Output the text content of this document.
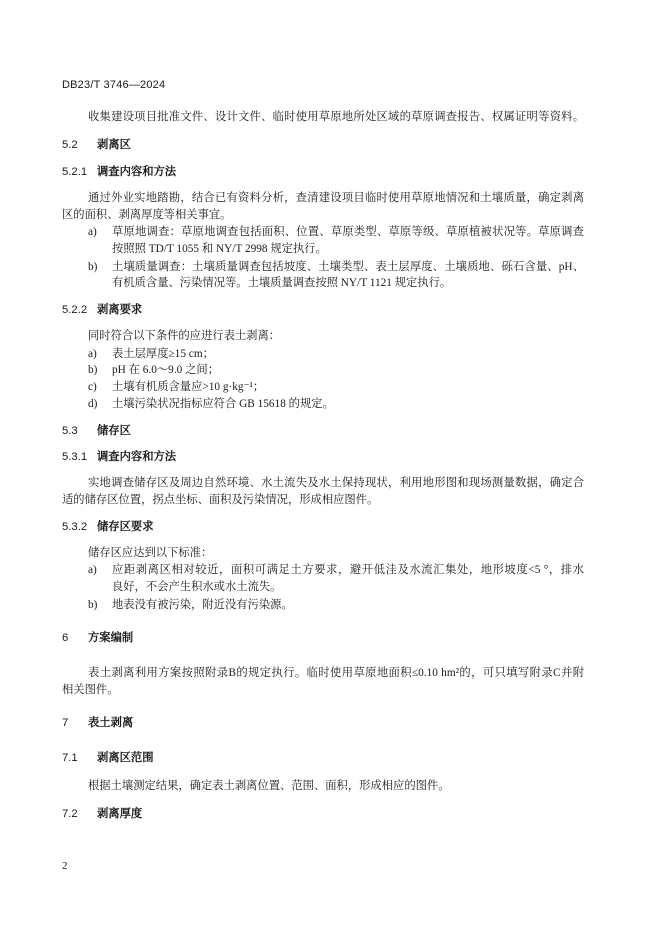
DB23/T 3746—2024
收集建设项目批准文件、设计文件、临时使用草原地所处区域的草原调查报告、权属证明等资料。
5.2 剥离区
5.2.1 调查内容和方法
通过外业实地踏勘，结合已有资料分析，查清建设项目临时使用草原地情况和土壤质量，确定剥离
区的面积、剥离厚度等相关事宜。
a) 草原地调查：草原地调查包括面积、位置、草原类型、草原等级、草原植被状况等。草原调查
按照照 TD/T 1055 和 NY/T 2998 规定执行。
b) 土壤质量调查：土壤质量调查包括坡度、土壤类型、表土层厚度、土壤质地、砾石含量、pH、
有机质含量、污染情况等。土壤质量调查按照 NY/T 1121 规定执行。
5.2.2 剥离要求
同时符合以下条件的应进行表土剥离：
a) 表土层厚度≥15 cm；
b) pH 在 6.0～9.0 之间；
c) 土壤有机质含量应>10 g·kg⁻¹；
d) 土壤污染状况指标应符合 GB 15618 的规定。
5.3 储存区
5.3.1 调查内容和方法
实地调查储存区及周边自然环境、水土流失及水土保持现状，利用地形图和现场测量数据，确定合
适的储存区位置，拐点坐标、面积及污染情况，形成相应图件。
5.3.2 储存区要求
储存区应达到以下标准：
a) 应距剥离区相对较近，面积可满足土方要求，避开低洼及水流汇集处，地形坡度<5 °，排水
良好，不会产生积水或水土流失。
b) 地表没有被污染，附近没有污染源。
6 方案编制
表土剥离利用方案按照附录B的规定执行。临时使用草原地面积≤0.10 hm²的，可只填写附录C并附
相关图件。
7 表土剥离
7.1 剥离区范围
根据土壤测定结果，确定表土剥离位置、范围、面积，形成相应的图件。
7.2 剥离厚度
2
